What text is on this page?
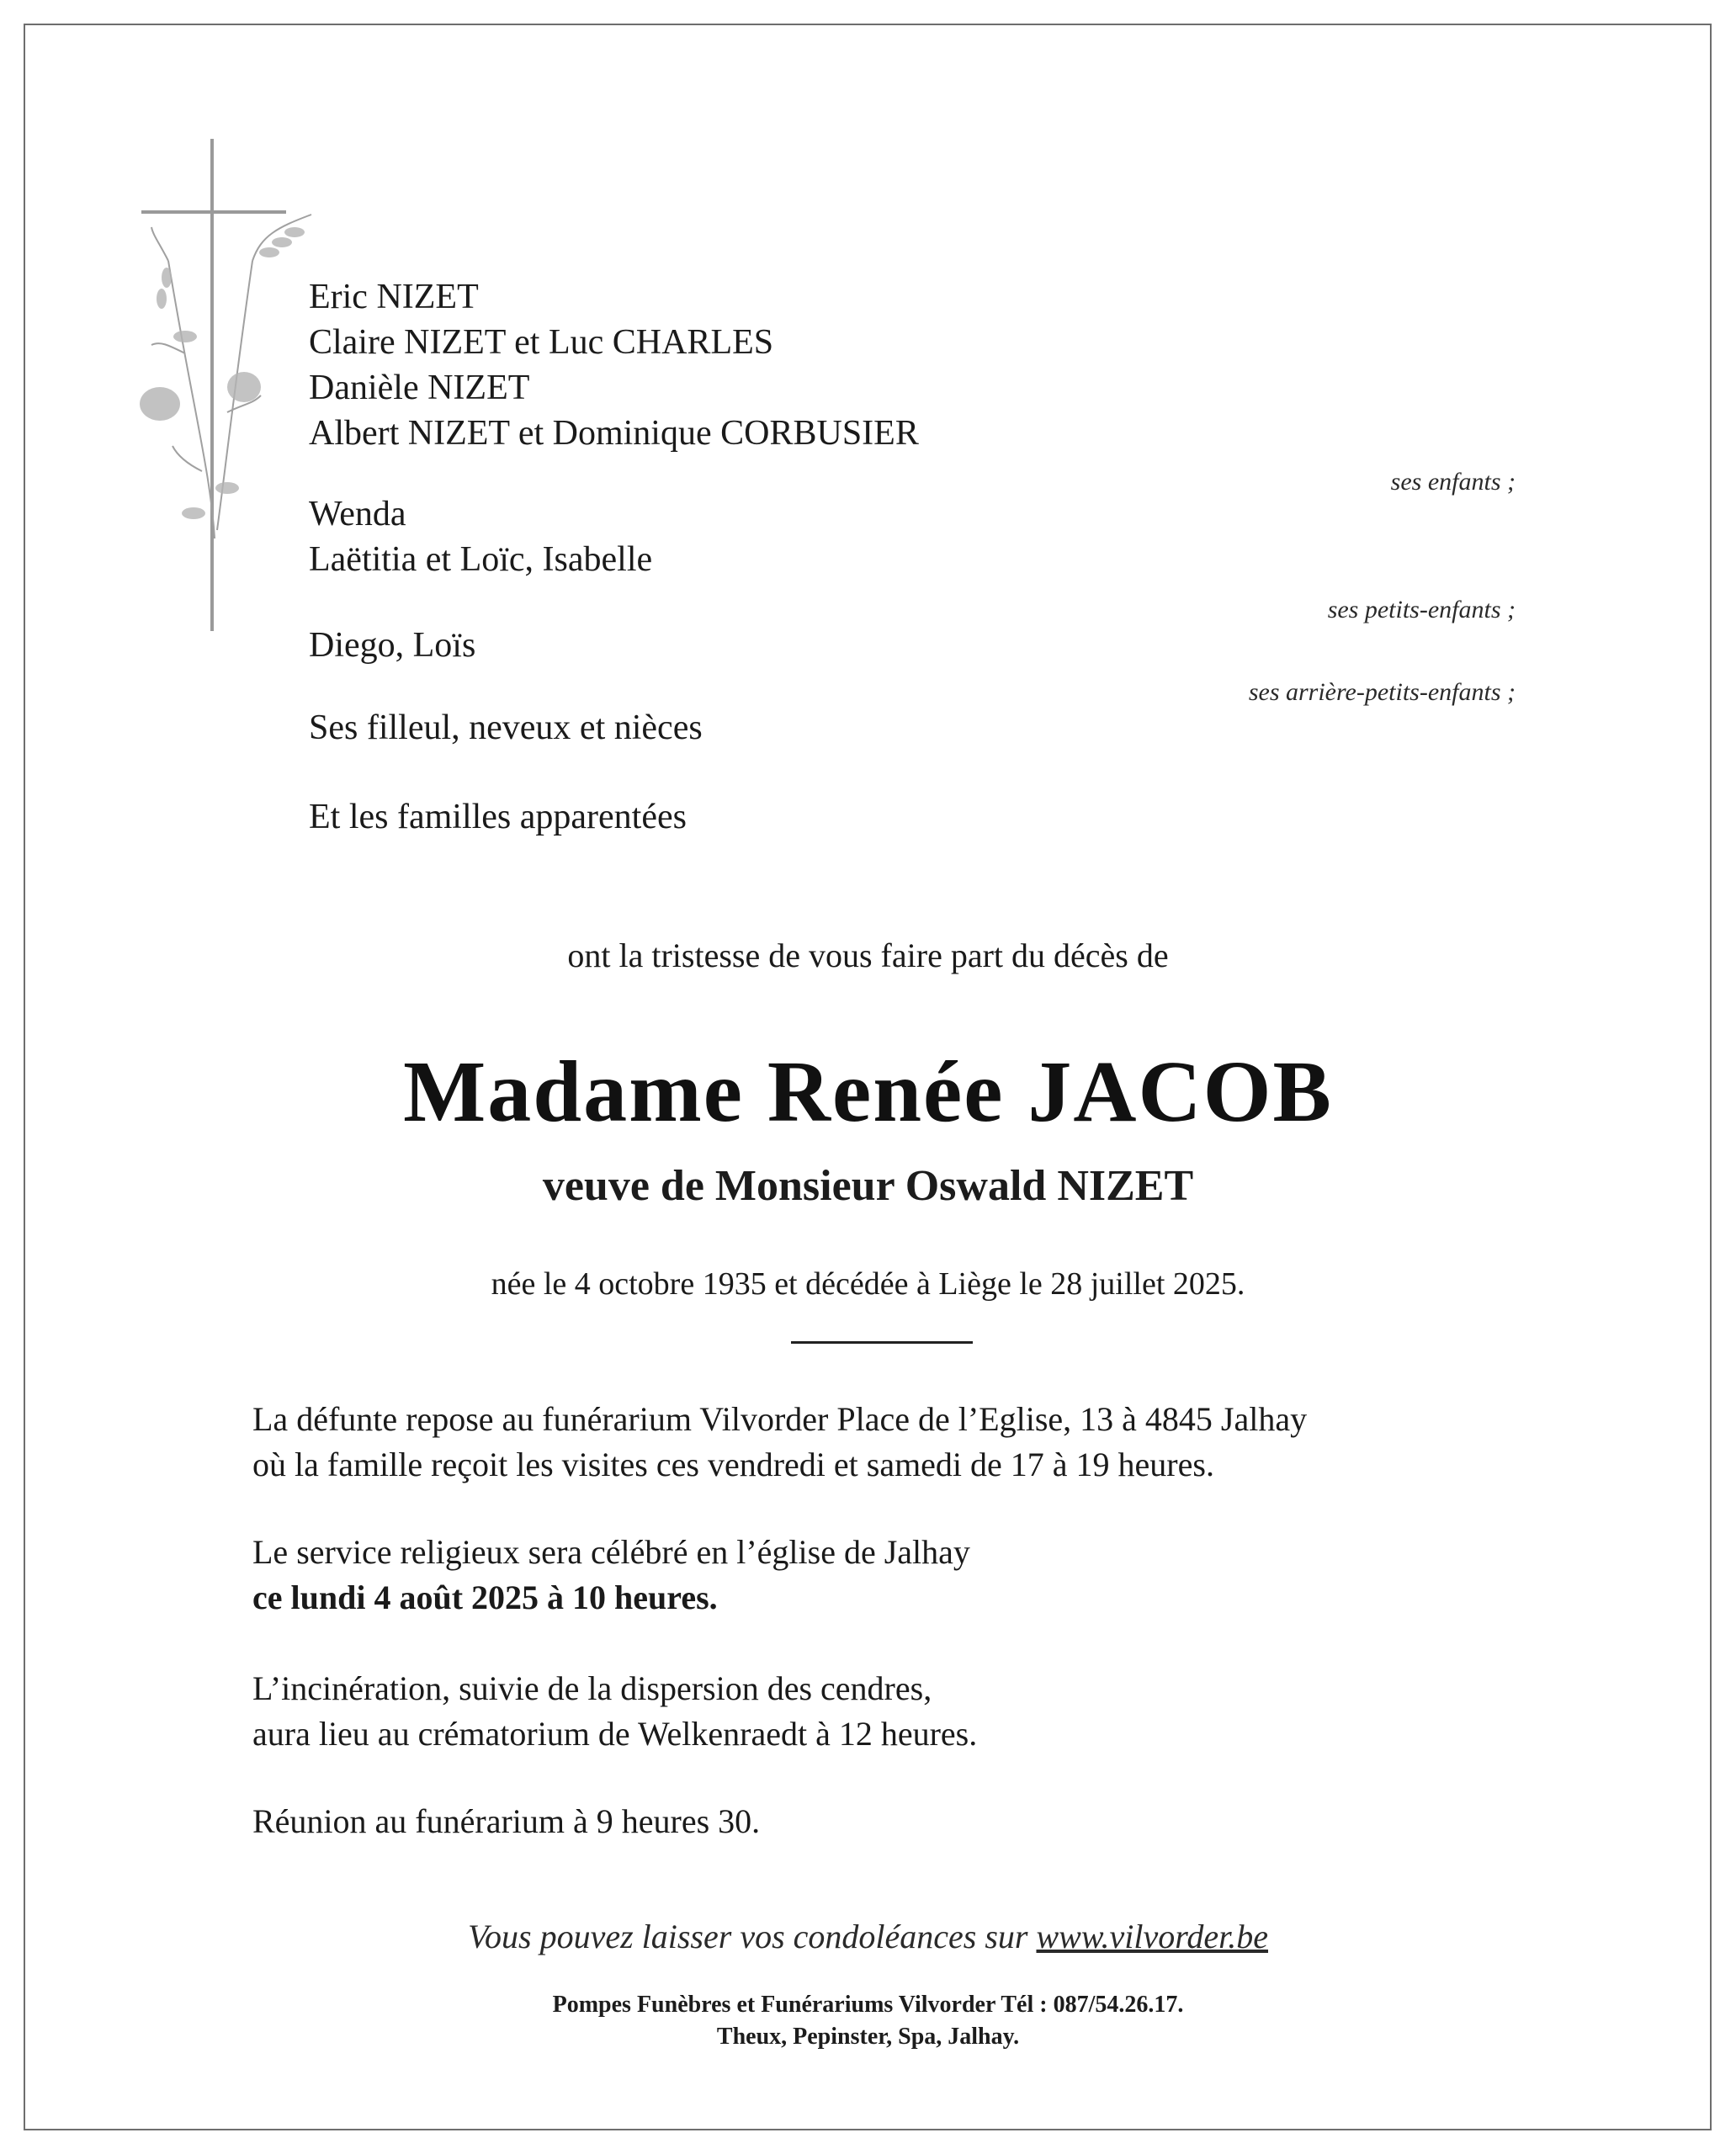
Eric NIZET
Claire NIZET et Luc CHARLES
Danièle NIZET
Albert NIZET et Dominique CORBUSIER
ses enfants ;
Wenda
Laëtitia et Loïc, Isabelle
ses petits-enfants ;
Diego, Loïs
ses arrière-petits-enfants ;
Ses filleul, neveux et nièces
Et les familles apparentées
ont la tristesse de vous faire part du décès de
Madame Renée JACOB
veuve de Monsieur Oswald NIZET
née le 4 octobre 1935 et décédée à Liège le 28 juillet 2025.
La défunte repose au funérarium Vilvorder Place de l’Eglise, 13 à 4845 Jalhay
où la famille reçoit les visites ces vendredi et samedi de 17 à 19 heures.
Le service religieux sera célébré en l’église de Jalhay
ce lundi 4 août 2025 à 10 heures.
L’incinération, suivie de la dispersion des cendres,
aura lieu au crématorium de Welkenraedt à 12 heures.
Réunion au funérarium à 9 heures 30.
Vous pouvez laisser vos condoléances sur www.vilvorder.be
Pompes Funèbres et Funérariums Vilvorder Tél : 087/54.26.17.
Theux, Pepinster, Spa, Jalhay.
